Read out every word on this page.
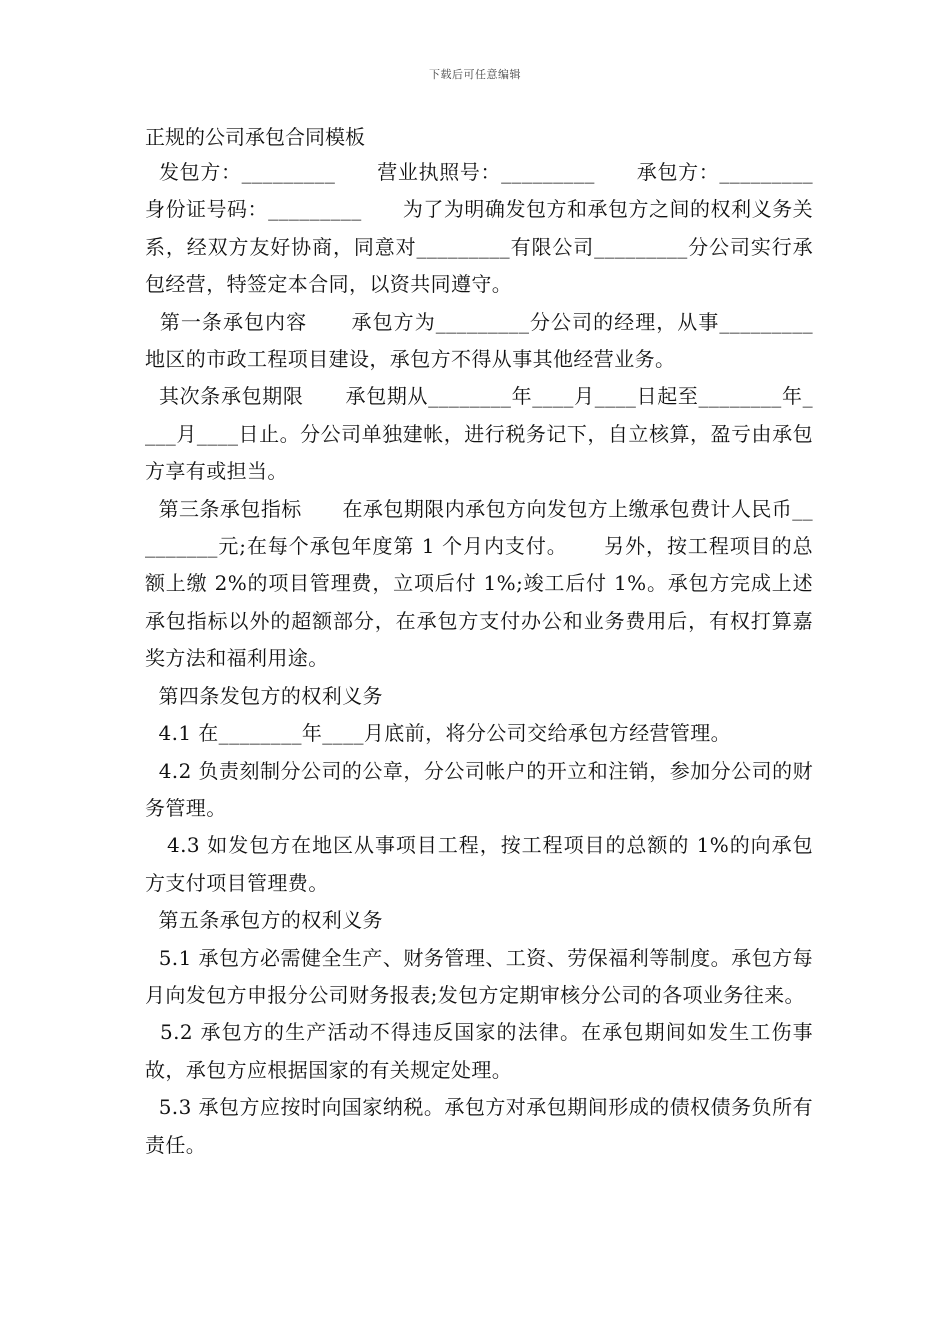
下载后可任意编辑
正规的公司承包合同模板

发包方：_________      营业执照号：_________      承包方：_________      身份证号码：_________      为了为明确发包方和承包方之间的权利义务关系，经双方友好协商，同意对_________有限公司_________分公司实行承包经营，特签定本合同，以资共同遵守。

第一条承包内容      承包方为_________分公司的经理，从事_________地区的市政工程项目建设，承包方不得从事其他经营业务。

其次条承包期限      承包期从________年____月____日起至________年____月____日止。分公司单独建帐，进行税务记下，自立核算，盈亏由承包方享有或担当。

第三条承包指标      在承包期限内承包方向发包方上缴承包费计人民币_________元;在每个承包年度第 1 个月内支付。     另外，按工程项目的总额上缴 2%的项目管理费，立项后付 1%;竣工后付 1%。承包方完成上述承包指标以外的超额部分，在承包方支付办公和业务费用后，有权打算嘉奖方法和福利用途。

第四条发包方的权利义务

4.1 在________年____月底前，将分公司交给承包方经营管理。

4.2 负责刻制分公司的公章，分公司帐户的开立和注销，参加分公司的财务管理。

4.3 如发包方在地区从事项目工程，按工程项目的总额的 1%的向承包方支付项目管理费。

第五条承包方的权利义务

5.1 承包方必需健全生产、财务管理、工资、劳保福利等制度。承包方每月向发包方申报分公司财务报表;发包方定期审核分公司的各项业务往来。

5.2 承包方的生产活动不得违反国家的法律。在承包期间如发生工伤事故，承包方应根据国家的有关规定处理。

5.3 承包方应按时向国家纳税。承包方对承包期间形成的债权债务负所有责任。
